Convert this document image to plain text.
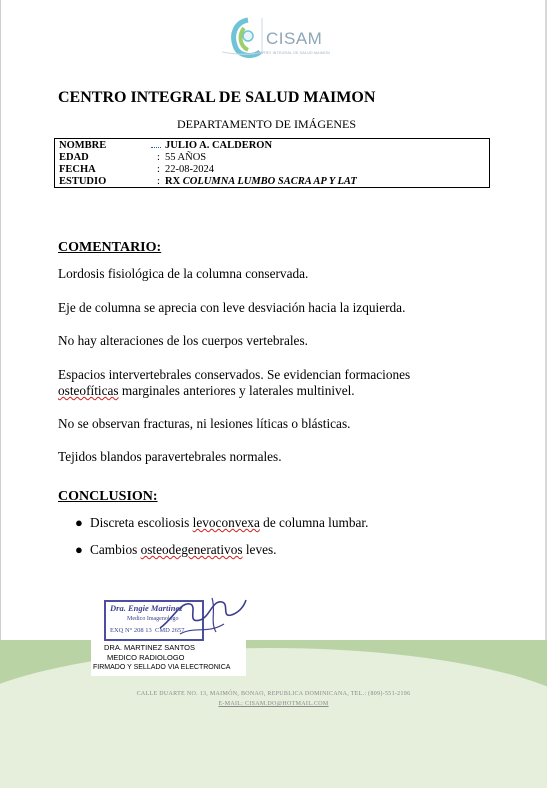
CISAM
CENTRO INTEGRAL DE SALUD MAIMON
CENTRO INTEGRAL DE SALUD MAIMON
DEPARTAMENTO DE IMÁGENES
NOMBRE	JULIO A. CALDERON
EDAD	: 55 AÑOS
FECHA	: 22-08-2024
ESTUDIO	: RX COLUMNA LUMBO SACRA AP Y LAT
COMENTARIO:
Lordosis fisiológica de la columna conservada.
Eje de columna se aprecia con leve desviación hacia la izquierda.
No hay alteraciones de los cuerpos vertebrales.
Espacios intervertebrales conservados. Se evidencian formaciones
osteofíticas marginales anteriores y laterales multinivel.
No se observan fracturas, ni lesiones líticas o blásticas.
Tejidos blandos paravertebrales normales.
CONCLUSION:
● Discreta escoliosis levoconvexa de columna lumbar.
● Cambios osteodegenerativos leves.
CALLE DUARTE NO. 13, MAIMÓN, BONAO, REPUBLICA DOMINICANA, TEL.: (809)-551-2196
E-MAIL: CISAM.DO@HOTMAIL.COM
Dra. Engie Martinez
Medico Imagenologo
EXQ N° 208 13 CMD 2657
DRA. MARTINEZ SANTOS
MEDICO RADIOLOGO
FIRMADO Y SELLADO VIA ELECTRONICA
